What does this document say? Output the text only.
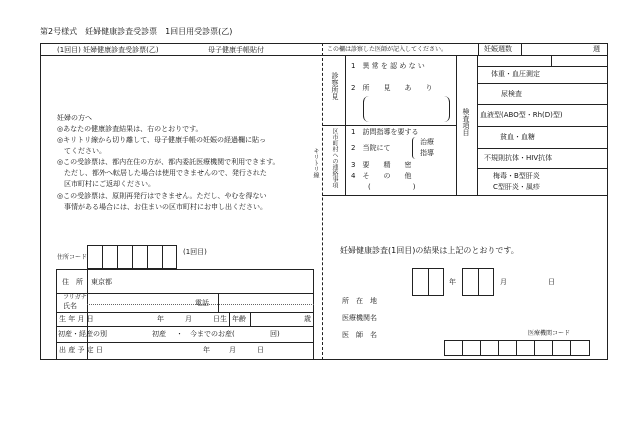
第2号様式　妊婦健康診査受診票　1回目用受診票(乙)
(1回目) 妊婦健康診査受診票(乙)	母子健康手帳貼付
妊婦の方へ
◎あなたの健康診査結果は、右のとおりです。
◎キリトリ線から切り離して、母子健康手帳の妊娠の経過欄に貼っ
　てください。
◎この受診票は、都内在住の方が、都内委託医療機関で利用できます。
　ただし、都外へ転居した場合は使用できませんので、発行された
　区市町村にご返却ください。
◎この受診票は、原則再発行はできません。ただし、やむを得ない
　事情がある場合には、お住まいの区市町村にお申し出ください。
住所コード
(1回目)
住　所 東京都
フリガナ
氏名	電話
生 年 月 日	年	月	日生 年齢	歳
初産・経産の別	初産 ・ 今までのお産(	回)
出 産 予 定 日	年	月	日
この欄は診察した医師が記入してください。	妊娠週数	週
診察所見
1　異 常 を 認 め な い
2　所　　見　　あ　　り
区市町村への連絡事項 1　訪問指導を要する
2　当院にて
治療
指導
3　要　　精　　密
4　そ　　の　　他
(　　　　　　)
キリトリ線
検査項目
体重・血圧測定
尿検査
血液型(ABO型・Rh(D)型)
貧血・血糖
不規則抗体・HIV抗体
梅毒・B型肝炎
C型肝炎・風疹
妊婦健康診査(1回目)の結果は上記のとおりです。
年	月	日
所　在　地
医療機関名
医　師　名	医療機関コード
